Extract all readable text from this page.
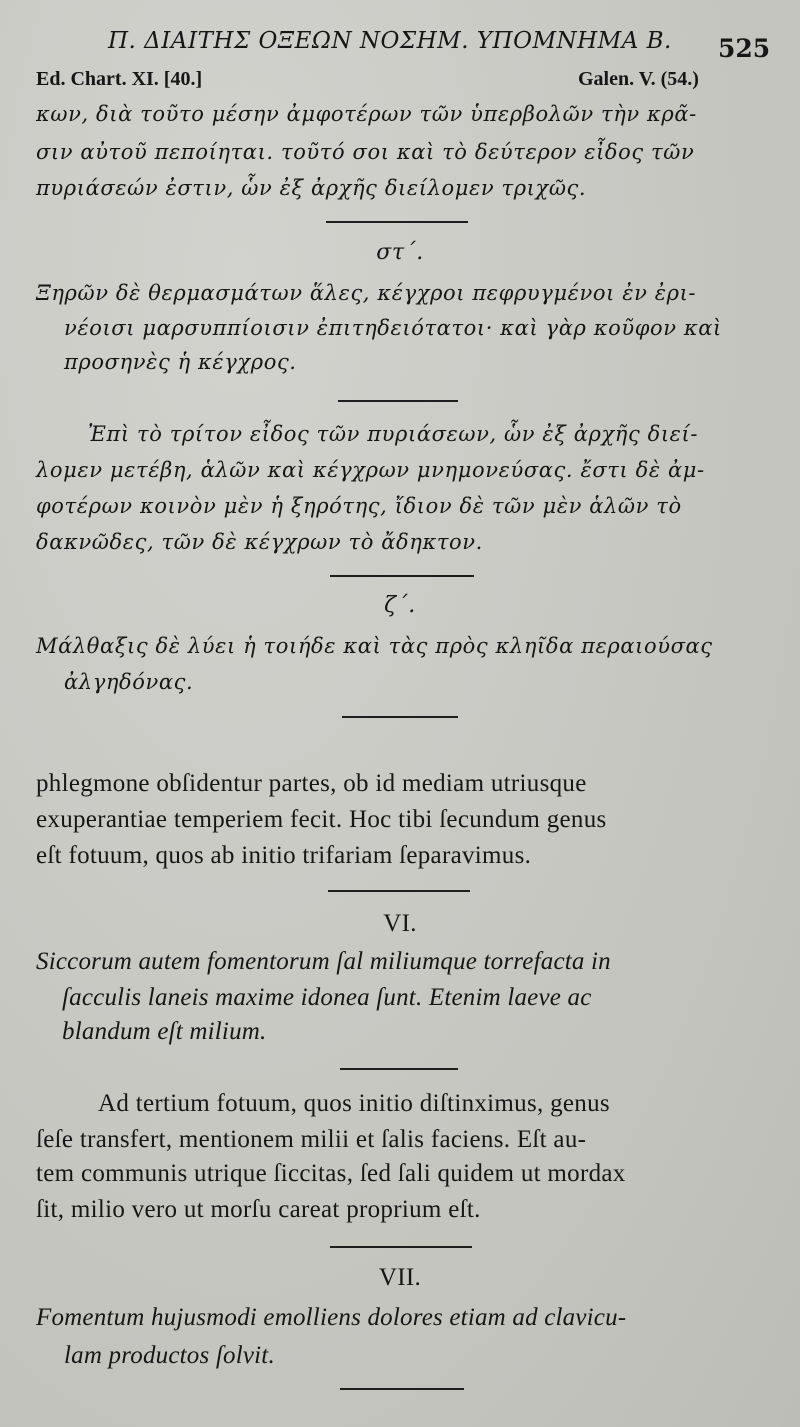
Π. ΔΙΑΙΤΗΣ ΟΞΕΩΝ ΝΟΣΗΜ. ΥΠΟΜΝΗΜΑ Β. 525
Ed. Chart. XI. [40.]	Galen. V. (54.)
κων, διὰ τοῦτο μέσην ἀμφοτέρων τῶν ὑπερβολῶν τὴν κρᾶ-
σιν αὐτοῦ πεποίηται. τοῦτό σοι καὶ τὸ δεύτερον εἶδος τῶν
πυριάσεών ἐστιν, ὧν ἐξ ἀρχῆς διείλομεν τριχῶς.
στ΄.
Ξηρῶν δὲ θερμασμάτων ἅλες, κέγχροι πεφρυγμένοι ἐν ἐρι-
νέοισι μαρσυππίοισιν ἐπιτηδειότατοι· καὶ γὰρ κοῦφον καὶ
προσηνὲς ἡ κέγχρος.
Ἐπὶ τὸ τρίτον εἶδος τῶν πυριάσεων, ὧν ἐξ ἀρχῆς διεί-
λομεν μετέβη, ἁλῶν καὶ κέγχρων μνημονεύσας. ἔστι δὲ ἀμ-
φοτέρων κοινὸν μὲν ἡ ξηρότης, ἴδιον δὲ τῶν μὲν ἁλῶν τὸ
δακνῶδες, τῶν δὲ κέγχρων τὸ ἄδηκτον.
ζ΄.
Μάλθαξις δὲ λύει ἡ τοιήδε καὶ τὰς πρὸς κληῖδα περαιούσας
ἀλγηδόνας.
phlegmone obſidentur partes, ob id mediam utriusque
exuperantiae temperiem fecit. Hoc tibi ſecundum genus
eſt fotuum, quos ab initio trifariam ſeparavimus.
VI.
Siccorum autem fomentorum ſal miliumque torrefacta in
ſacculis laneis maxime idonea ſunt. Etenim laeve ac
blandum eſt milium.
Ad tertium fotuum, quos initio diſtinximus, genus
ſeſe transfert, mentionem milii et ſalis faciens. Eſt au-
tem communis utrique ſiccitas, ſed ſali quidem ut mordax
ſit, milio vero ut morſu careat proprium eſt.
VII.
Fomentum hujusmodi emolliens dolores etiam ad clavicu-
lam productos ſolvit.
